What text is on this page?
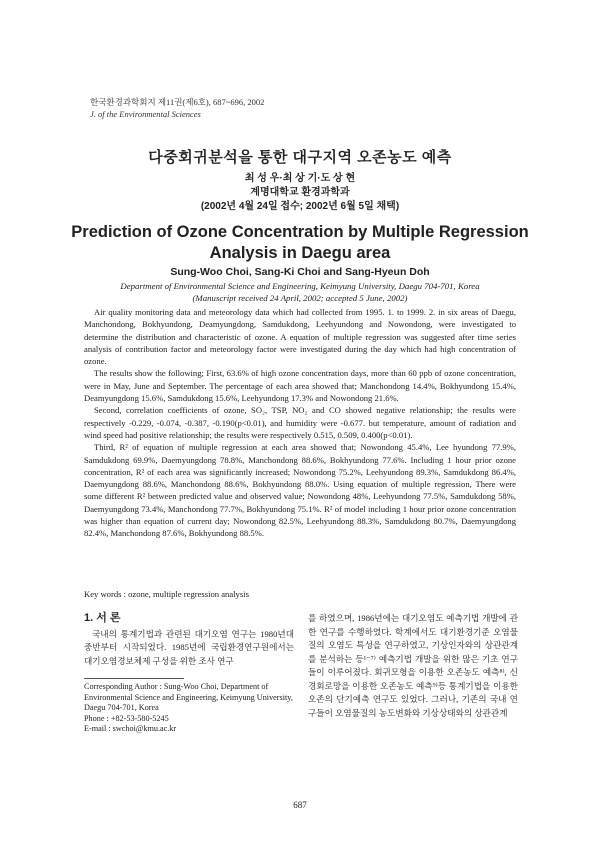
한국환경과학회지 제11권(제6호), 687~696, 2002
J. of the Environmental Sciences
다중회귀분석을 통한 대구지역 오존농도 예측
최 성 우·최 상 기·도 상 현
계명대학교 환경과학과
(2002년 4월 24일 접수; 2002년 6월 5일 채택)
Prediction of Ozone Concentration by Multiple Regression Analysis in Daegu area
Sung-Woo Choi, Sang-Ki Choi and Sang-Hyeun Doh
Department of Environmental Science and Engineering, Keimyung University, Daegu 704-701, Korea
(Manuscript received 24 April, 2002; accepted 5 June, 2002)

Air quality monitoring data and meteorology data which had collected from 1995. 1. to 1999. 2. in six areas of Daegu, Manchondong, Bokhyundong, Deamyungdong, Samdukdong, Leehyundong and Nowondong, were investigated to determine the distribution and characteristic of ozone. A equation of multiple regression was suggested after time series analysis of contribution factor and meteorology factor were investigated during the day which had high concentration of ozone.

The results show the following; First, 63.6% of high ozone concentration days, more than 60 ppb of ozone concentration, were in May, June and September. The percentage of each area showed that; Manchondong 14.4%, Bokhyundong 15.4%, Deamyungdong 15.6%, Samdukdong 15.6%, Leehyundong 17.3% and Nowondong 21.6%.

Second, correlation coefficients of ozone, SO₂, TSP, NO₂ and CO showed negative relationship; the results were respectively -0.229, -0.074, -0.387, -0.190(p<0.01), and humidity were -0.677. but temperature, amount of radiation and wind speed had positive relationship; the results were respectively 0.515, 0.509, 0.400(p<0.01).

Third, R² of equation of multiple regression at each area showed that; Nowondong 45.4%, Lee hyundong 77.9%, Samdukdong 69.9%, Daemyungdong 78.8%, Manchondong 88.6%, Bokhyundong 77.6%. Including 1 hour prior ozone concentration, R² of each area was significantly increased; Nowondong 75.2%, Leehyundong 89.3%, Samdukdong 86.4%, Daemyungdong 88.6%, Manchondong 88.6%, Bokhyundong 88.0%. Using equation of multiple regression, There were some different R² between predicted value and observed value; Nowondong 48%, Leehyundong 77.5%, Samdukdong 58%, Daemyungdong 73.4%, Manchondong 77.7%, Bokhyundong 75.1%. R² of model including 1 hour prior ozone concentration was higher than equation of current day; Nowondong 82.5%, Leehyundong 88.3%, Samdukdong 80.7%, Daemyungdong 82.4%, Manchondong 87.6%, Bokhyundong 88.5%.

Key words : ozone, multiple regression analysis
1. 서 론

국내의 통계기법과 관련된 대기오염 연구는 1980년대 중반부터 시작되었다. 1985년에 국립환경연구원에서는 대기오염경보체제 구성을 위한 조사 연구

Corresponding Author : Sung-Woo Choi, Department of Environmental Science and Engineering, Keimyung University, Daegu 704-701, Korea
Phone : +82-53-580-5245
E-mail : swchoi@kmu.ac.kr

를 하였으며, 1986년에는 대기오염도 예측기법 개발에 관한 연구를 수행하였다. 학계에서도 대기환경기준 오염물질의 오염도 특성을 연구하였고, 기상인자와의 상관관계를 분석하는 등¹⁻⁷⁾ 예측기법 개발을 위한 많은 기초 연구들이 이루어졌다. 회귀모형을 이용한 오존농도 예측⁸⁾, 신경회로망을 이용한 오존농도 예측⁹⁾등 통계기법을 이용한 오존의 단기예측 연구도 있었다. 그러나, 기존의 국내 연구들이 오염물질의 농도변화와 기상상태와의 상관관계

687
